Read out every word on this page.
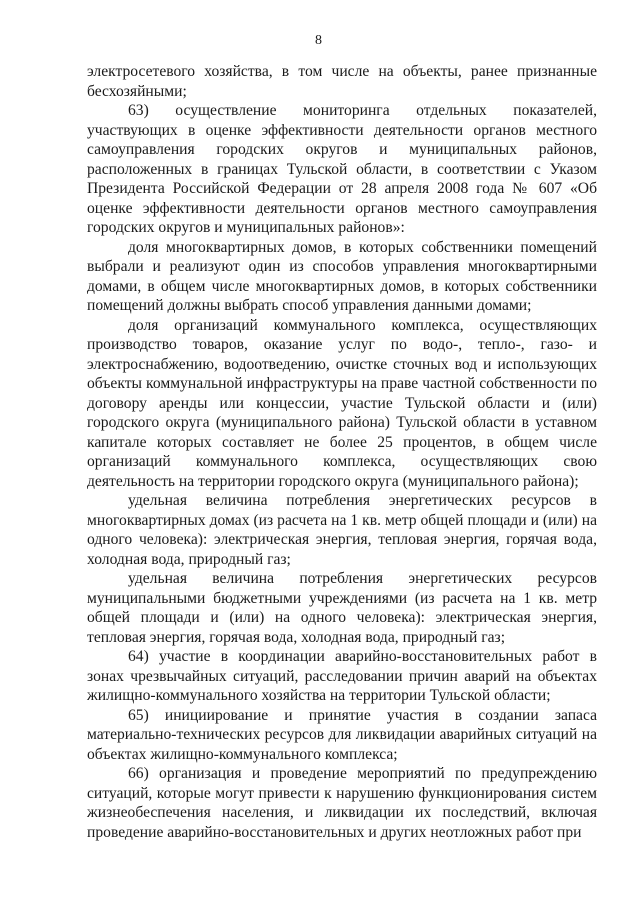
8

электросетевого хозяйства, в том числе на объекты, ранее признанные бесхозяйными;

63) осуществление мониторинга отдельных показателей, участвующих в оценке эффективности деятельности органов местного самоуправления городских округов и муниципальных районов, расположенных в границах Тульской области, в соответствии с Указом Президента Российской Федерации от 28 апреля 2008 года № 607 «Об оценке эффективности деятельности органов местного самоуправления городских округов и муниципальных районов»:

доля многоквартирных домов, в которых собственники помещений выбрали и реализуют один из способов управления многоквартирными домами, в общем числе многоквартирных домов, в которых собственники помещений должны выбрать способ управления данными домами;

доля организаций коммунального комплекса, осуществляющих производство товаров, оказание услуг по водо-, тепло-, газо- и электроснабжению, водоотведению, очистке сточных вод и использующих объекты коммунальной инфраструктуры на праве частной собственности по договору аренды или концессии, участие Тульской области и (или) городского округа (муниципального района) Тульской области в уставном капитале которых составляет не более 25 процентов, в общем числе организаций коммунального комплекса, осуществляющих свою деятельность на территории городского округа (муниципального района);

удельная величина потребления энергетических ресурсов в многоквартирных домах (из расчета на 1 кв. метр общей площади и (или) на одного человека): электрическая энергия, тепловая энергия, горячая вода, холодная вода, природный газ;

удельная величина потребления энергетических ресурсов муниципальными бюджетными учреждениями (из расчета на 1 кв. метр общей площади и (или) на одного человека): электрическая энергия, тепловая энергия, горячая вода, холодная вода, природный газ;

64) участие в координации аварийно-восстановительных работ в зонах чрезвычайных ситуаций, расследовании причин аварий на объектах жилищно-коммунального хозяйства на территории Тульской области;

65) инициирование и принятие участия в создании запаса материально-технических ресурсов для ликвидации аварийных ситуаций на объектах жилищно-коммунального комплекса;

66) организация и проведение мероприятий по предупреждению ситуаций, которые могут привести к нарушению функционирования систем жизнеобеспечения населения, и ликвидации их последствий, включая проведение аварийно-восстановительных и других неотложных работ при
